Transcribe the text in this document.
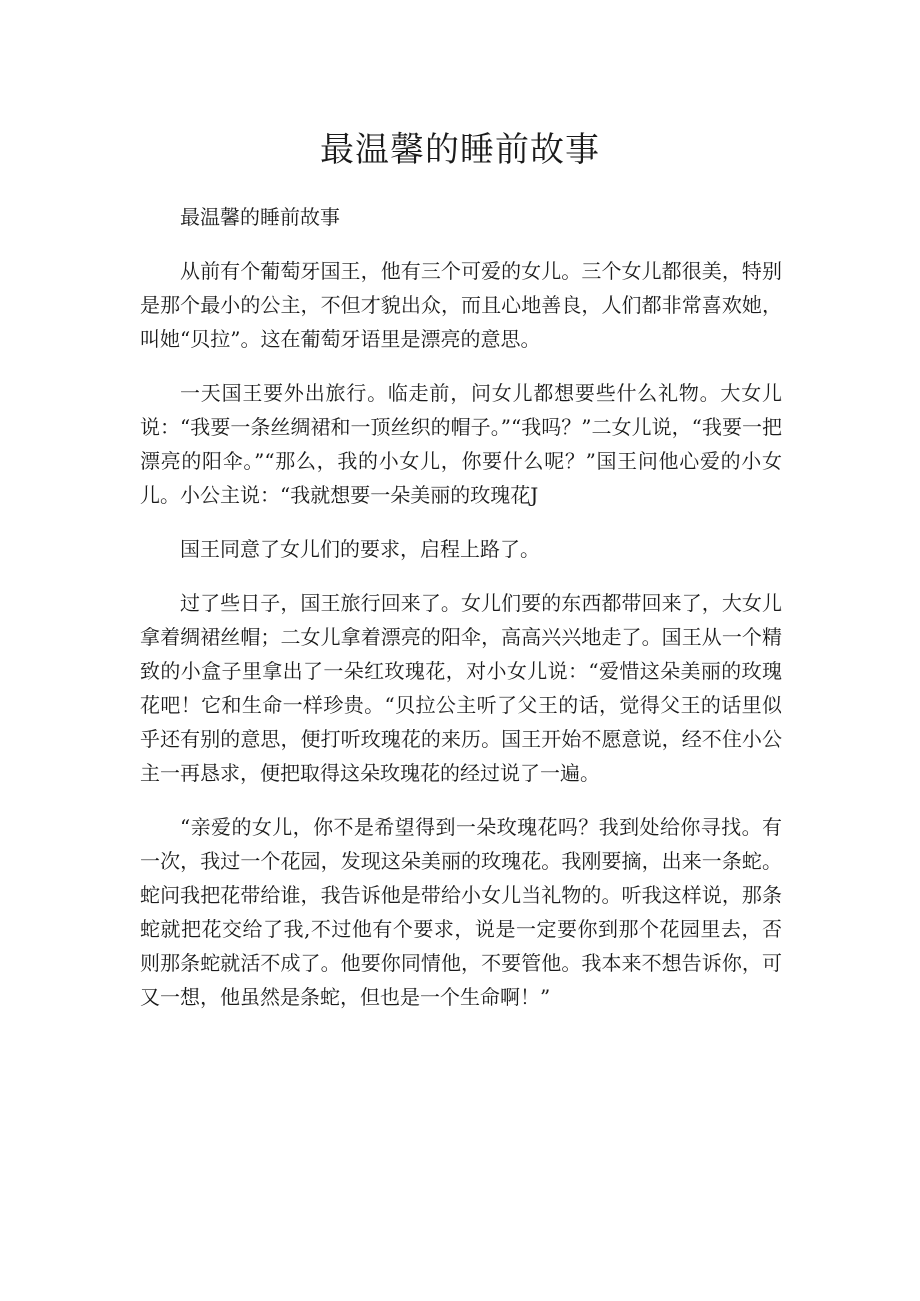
最温馨的睡前故事

最温馨的睡前故事

从前有个葡萄牙国王，他有三个可爱的女儿。三个女儿都很美，特别是那个最小的公主，不但才貌出众，而且心地善良，人们都非常喜欢她，叫她“贝拉”。这在葡萄牙语里是漂亮的意思。

一天国王要外出旅行。临走前，问女儿都想要些什么礼物。大女儿说：“我要一条丝绸裙和一顶丝织的帽子。”“我吗？”二女儿说，“我要一把漂亮的阳伞。”“那么，我的小女儿，你要什么呢？”国王问他心爱的小女儿。小公主说：“我就想要一朵美丽的玫瑰花J

国王同意了女儿们的要求，启程上路了。

过了些日子，国王旅行回来了。女儿们要的东西都带回来了，大女儿拿着绸裙丝帽；二女儿拿着漂亮的阳伞，高高兴兴地走了。国王从一个精致的小盒子里拿出了一朵红玫瑰花，对小女儿说：“爱惜这朵美丽的玫瑰花吧！它和生命一样珍贵。“贝拉公主听了父王的话，觉得父王的话里似乎还有别的意思，便打听玫瑰花的来历。国王开始不愿意说，经不住小公主一再恳求，便把取得这朵玫瑰花的经过说了一遍。

“亲爱的女儿，你不是希望得到一朵玫瑰花吗？我到处给你寻找。有一次，我过一个花园，发现这朵美丽的玫瑰花。我刚要摘，出来一条蛇。蛇问我把花带给谁，我告诉他是带给小女儿当礼物的。听我这样说，那条蛇就把花交给了我,不过他有个要求，说是一定要你到那个花园里去，否则那条蛇就活不成了。他要你同情他，不要管他。我本来不想告诉你，可又一想，他虽然是条蛇，但也是一个生命啊！”
